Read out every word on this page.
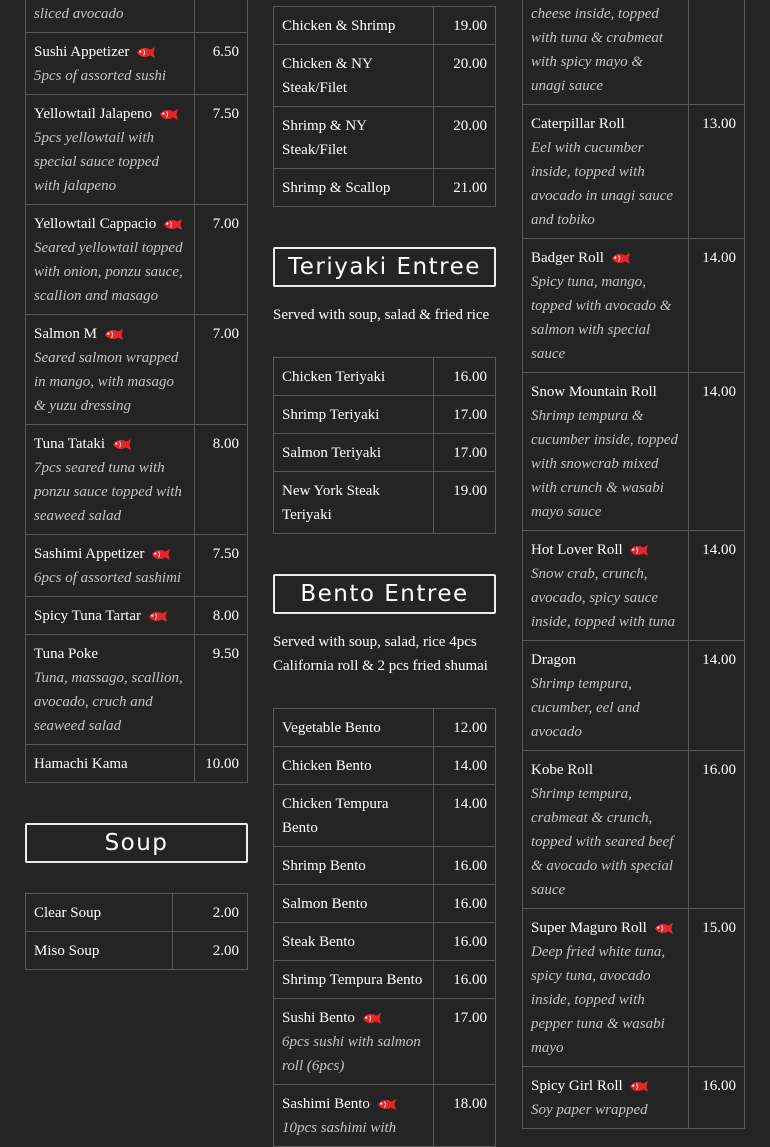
sliced avocado	

Sushi Appetizer
5pcs of assorted sushi	6.50
Yellowtail Jalapeno
5pcs yellowtail with special sauce topped with jalapeno	7.50
Yellowtail Cappacio
Seared yellowtail topped with onion, ponzu sauce, scallion and masago	7.00
Salmon M
Seared salmon wrapped in mango, with masago & yuzu dressing	7.00
Tuna Tataki
7pcs seared tuna with ponzu sauce topped with seaweed salad	8.00
Sashimi Appetizer
6pcs of assorted sashimi	7.50
Spicy Tuna Tartar	8.00
Tuna Poke
Tuna, massago, scallion, avocado, cruch and seaweed salad	9.50
Hamachi Kama	10.00
Soup
Clear Soup	2.00
Miso Soup	2.00
Chicken & Shrimp	19.00
Chicken & NY Steak/Filet	20.00
Shrimp & NY Steak/Filet	20.00
Shrimp & Scallop	21.00
Teriyaki Entree

Served with soup, salad & fried rice

Chicken Teriyaki	16.00
Shrimp Teriyaki	17.00
Salmon Teriyaki	17.00
New York Steak Teriyaki	19.00
Bento Entree

Served with soup, salad, rice 4pcs California roll & 2 pcs fried shumai

Vegetable Bento	12.00
Chicken Bento	14.00
Chicken Tempura Bento	14.00
Shrimp Bento	16.00
Salmon Bento	16.00
Steak Bento	16.00
Shrimp Tempura Bento	16.00
Sushi Bento
6pcs sushi with salmon roll (6pcs)	17.00
Sashimi Bento
10pcs sashimi with	18.00
cheese inside, topped with tuna & crabmeat with spicy mayo & unagi sauce	

Caterpillar Roll
Eel with cucumber inside, topped with avocado in unagi sauce and tobiko	13.00
Badger Roll
Spicy tuna, mango, topped with avocado & salmon with special sauce	14.00
Snow Mountain Roll
Shrimp tempura & cucumber inside, topped with snowcrab mixed with crunch & wasabi mayo sauce	14.00
Hot Lover Roll
Snow crab, crunch, avocado, spicy sauce inside, topped with tuna	14.00
Dragon
Shrimp tempura, cucumber, eel and avocado	14.00
Kobe Roll
Shrimp tempura, crabmeat & crunch, topped with seared beef & avocado with special sauce	16.00
Super Maguro Roll
Deep fried white tuna, spicy tuna, avocado inside, topped with pepper tuna & wasabi mayo	15.00
Spicy Girl Roll
Soy paper wrapped	16.00
